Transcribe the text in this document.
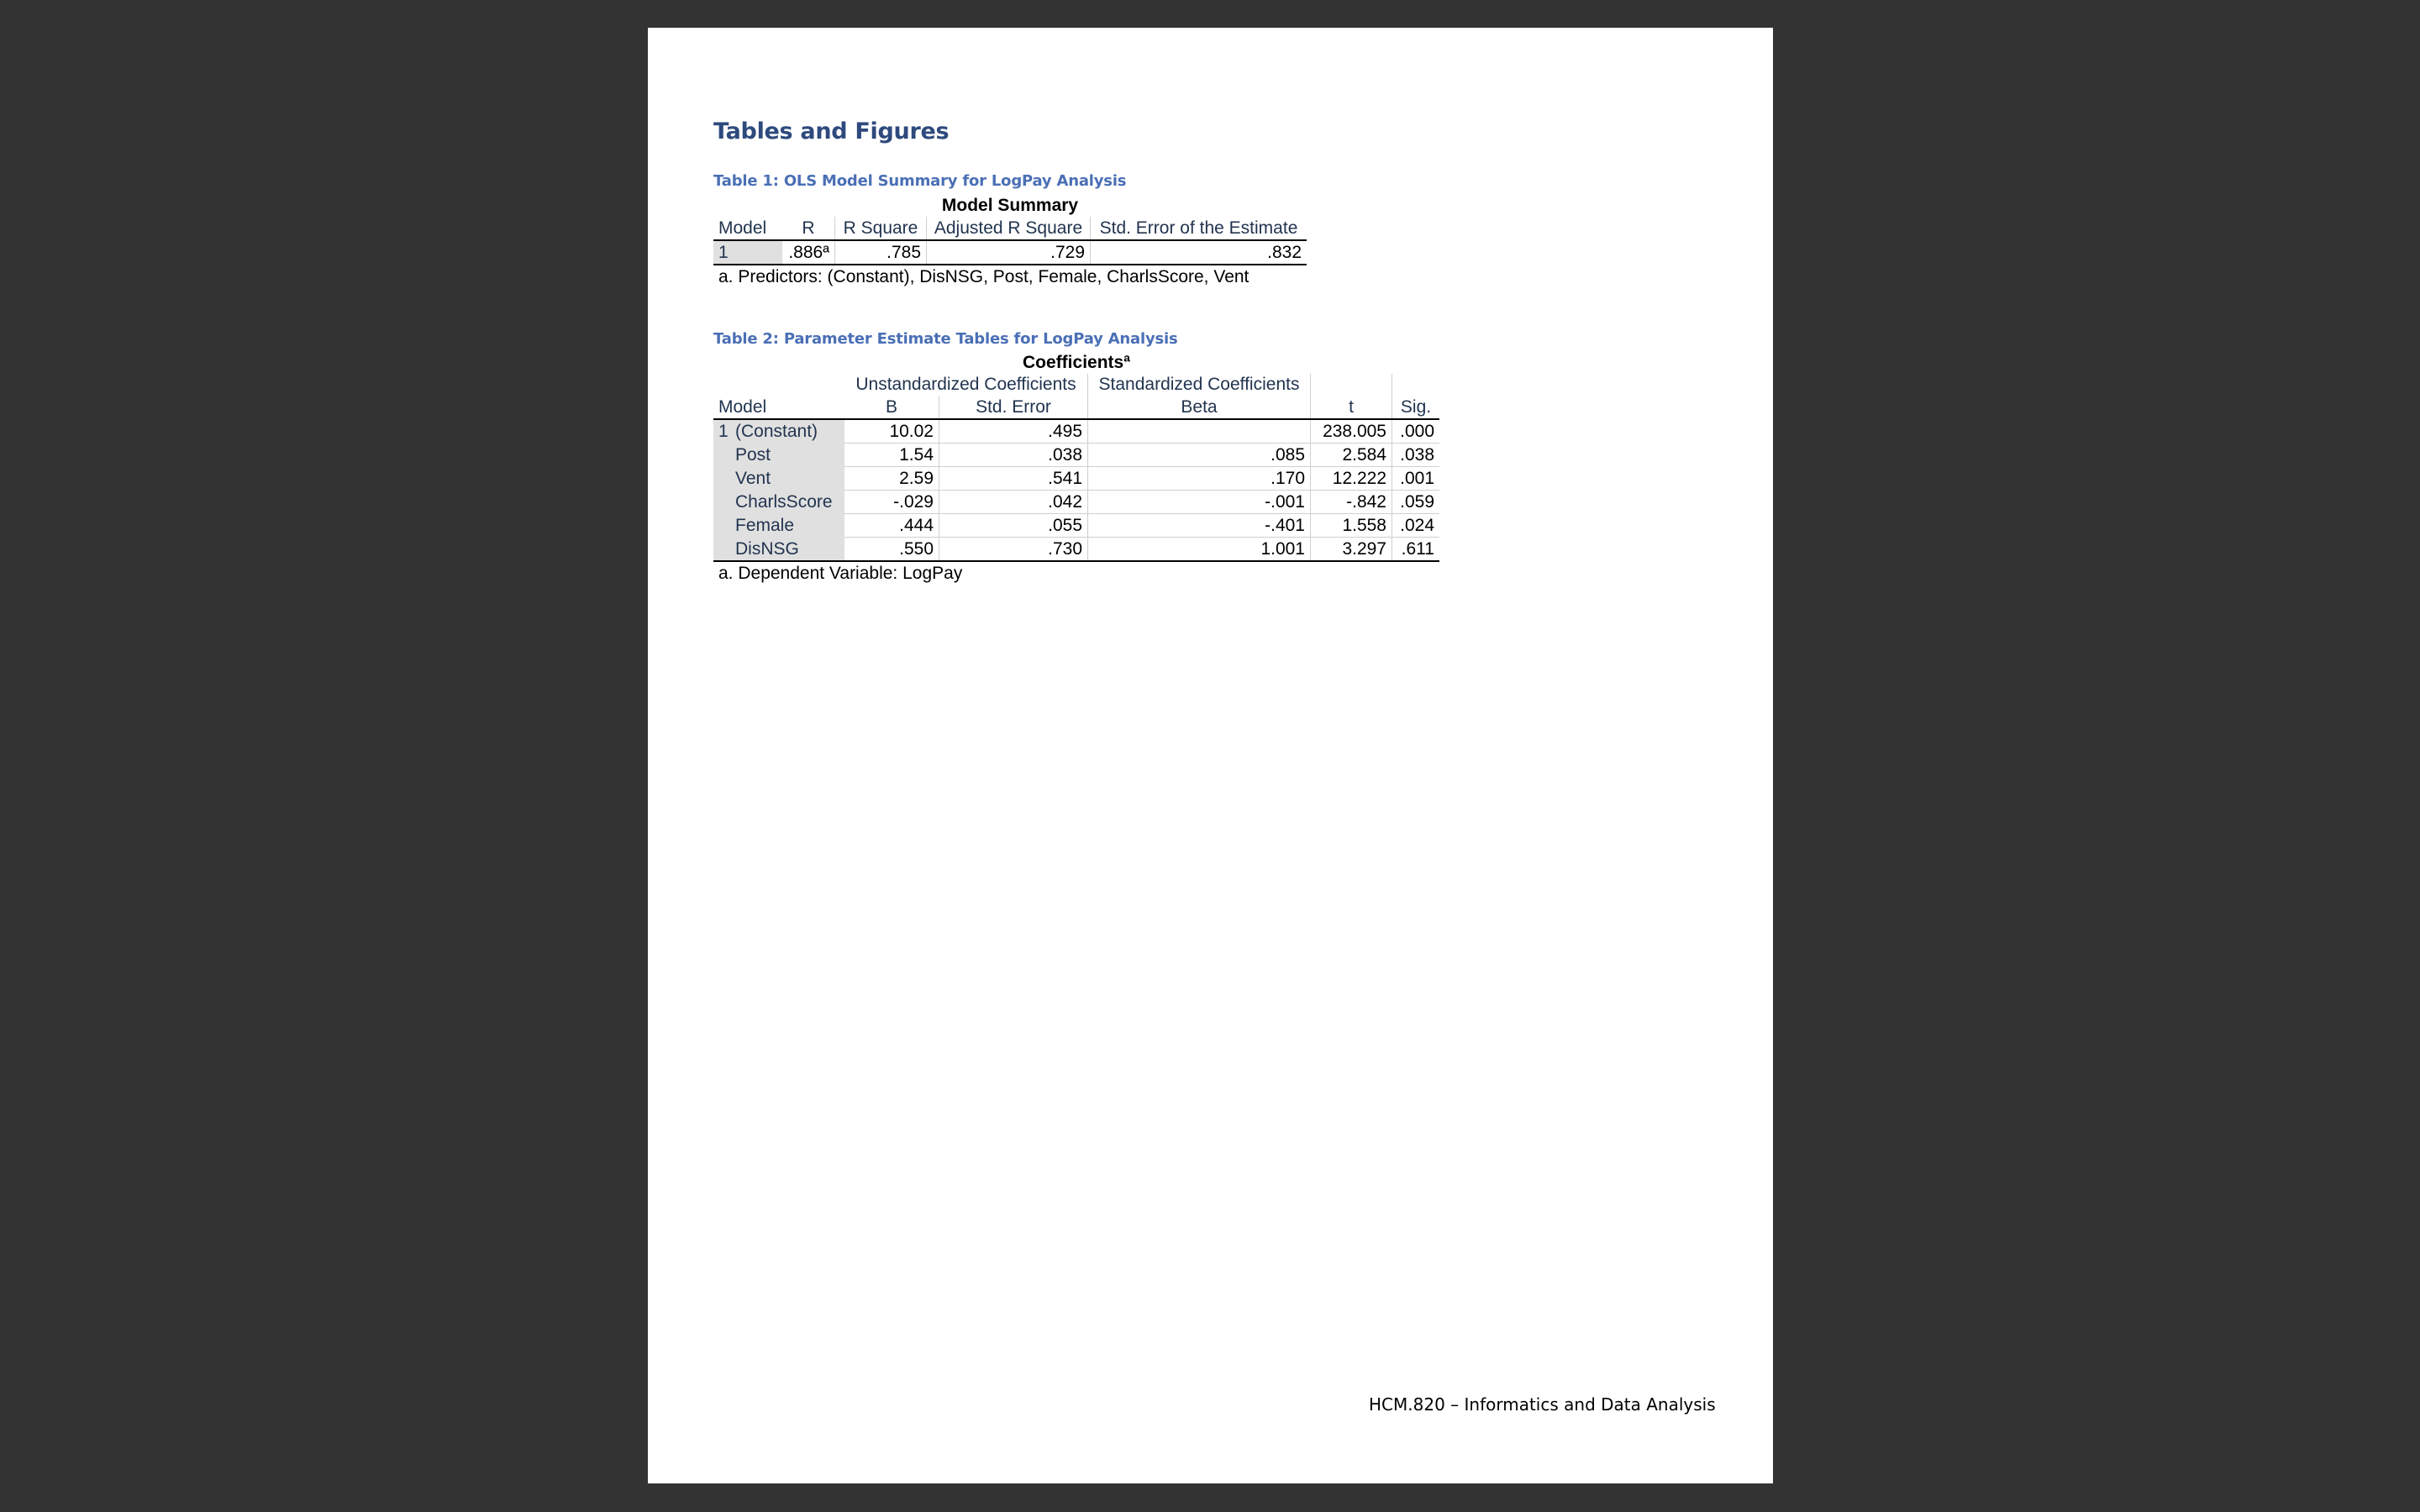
Tables and Figures

Table 1: OLS Model Summary for LogPay Analysis

Model Summary
Model	R	R Square	Adjusted R Square	Std. Error of the Estimate
1	.886ª	.785	.729	.832
a. Predictors: (Constant), DisNSG, Post, Female, CharlsScore, Vent

Table 2: Parameter Estimate Tables for LogPay Analysis

Coefficientsª
		Unstandardized Coefficients		Standardized Coefficients		
Model		B	Std. Error	Beta	t	Sig.
1	(Constant)	10.02	.495		238.005	.000
	Post	1.54	.038	.085	2.584	.038
	Vent	2.59	.541	.170	12.222	.001
	CharlsScore	-.029	.042	-.001	-.842	.059
	Female	.444	.055	-.401	1.558	.024
	DisNSG	.550	.730	1.001	3.297	.611
a. Dependent Variable: LogPay
HCM.820 – Informatics and Data Analysis
